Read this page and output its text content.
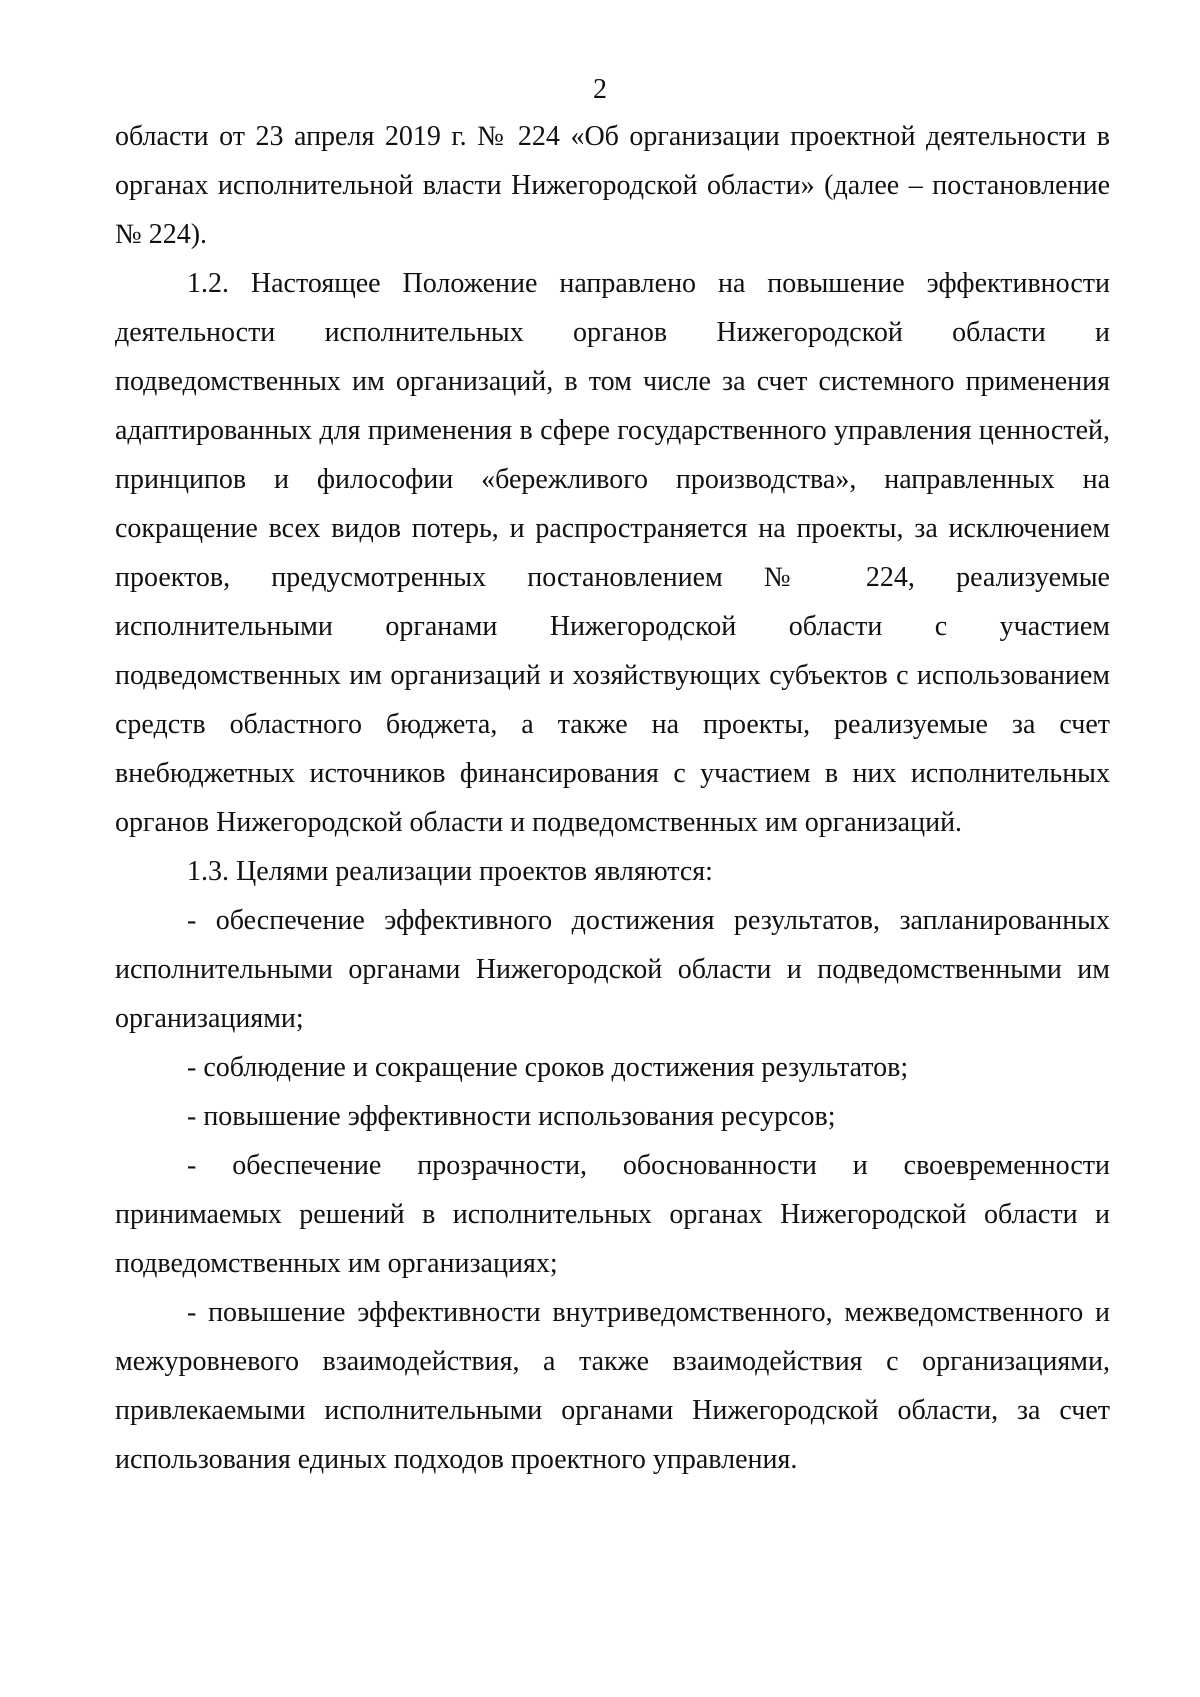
2

области от 23 апреля 2019 г. № 224 «Об организации проектной деятельности в органах исполнительной власти Нижегородской области» (далее – постановление № 224).

1.2. Настоящее Положение направлено на повышение эффективности деятельности исполнительных органов Нижегородской области и подведомственных им организаций, в том числе за счет системного применения адаптированных для применения в сфере государственного управления ценностей, принципов и философии «бережливого производства», направленных на сокращение всех видов потерь, и распространяется на проекты, за исключением проектов, предусмотренных постановлением № 224, реализуемые исполнительными органами Нижегородской области с участием подведомственных им организаций и хозяйствующих субъектов с использованием средств областного бюджета, а также на проекты, реализуемые за счет внебюджетных источников финансирования с участием в них исполнительных органов Нижегородской области и подведомственных им организаций.

1.3. Целями реализации проектов являются:

- обеспечение эффективного достижения результатов, запланированных исполнительными органами Нижегородской области и подведомственными им организациями;

- соблюдение и сокращение сроков достижения результатов;

- повышение эффективности использования ресурсов;

- обеспечение прозрачности, обоснованности и своевременности принимаемых решений в исполнительных органах Нижегородской области и подведомственных им организациях;

- повышение эффективности внутриведомственного, межведомственного и межуровневого взаимодействия, а также взаимодействия с организациями, привлекаемыми исполнительными органами Нижегородской области, за счет использования единых подходов проектного управления.
